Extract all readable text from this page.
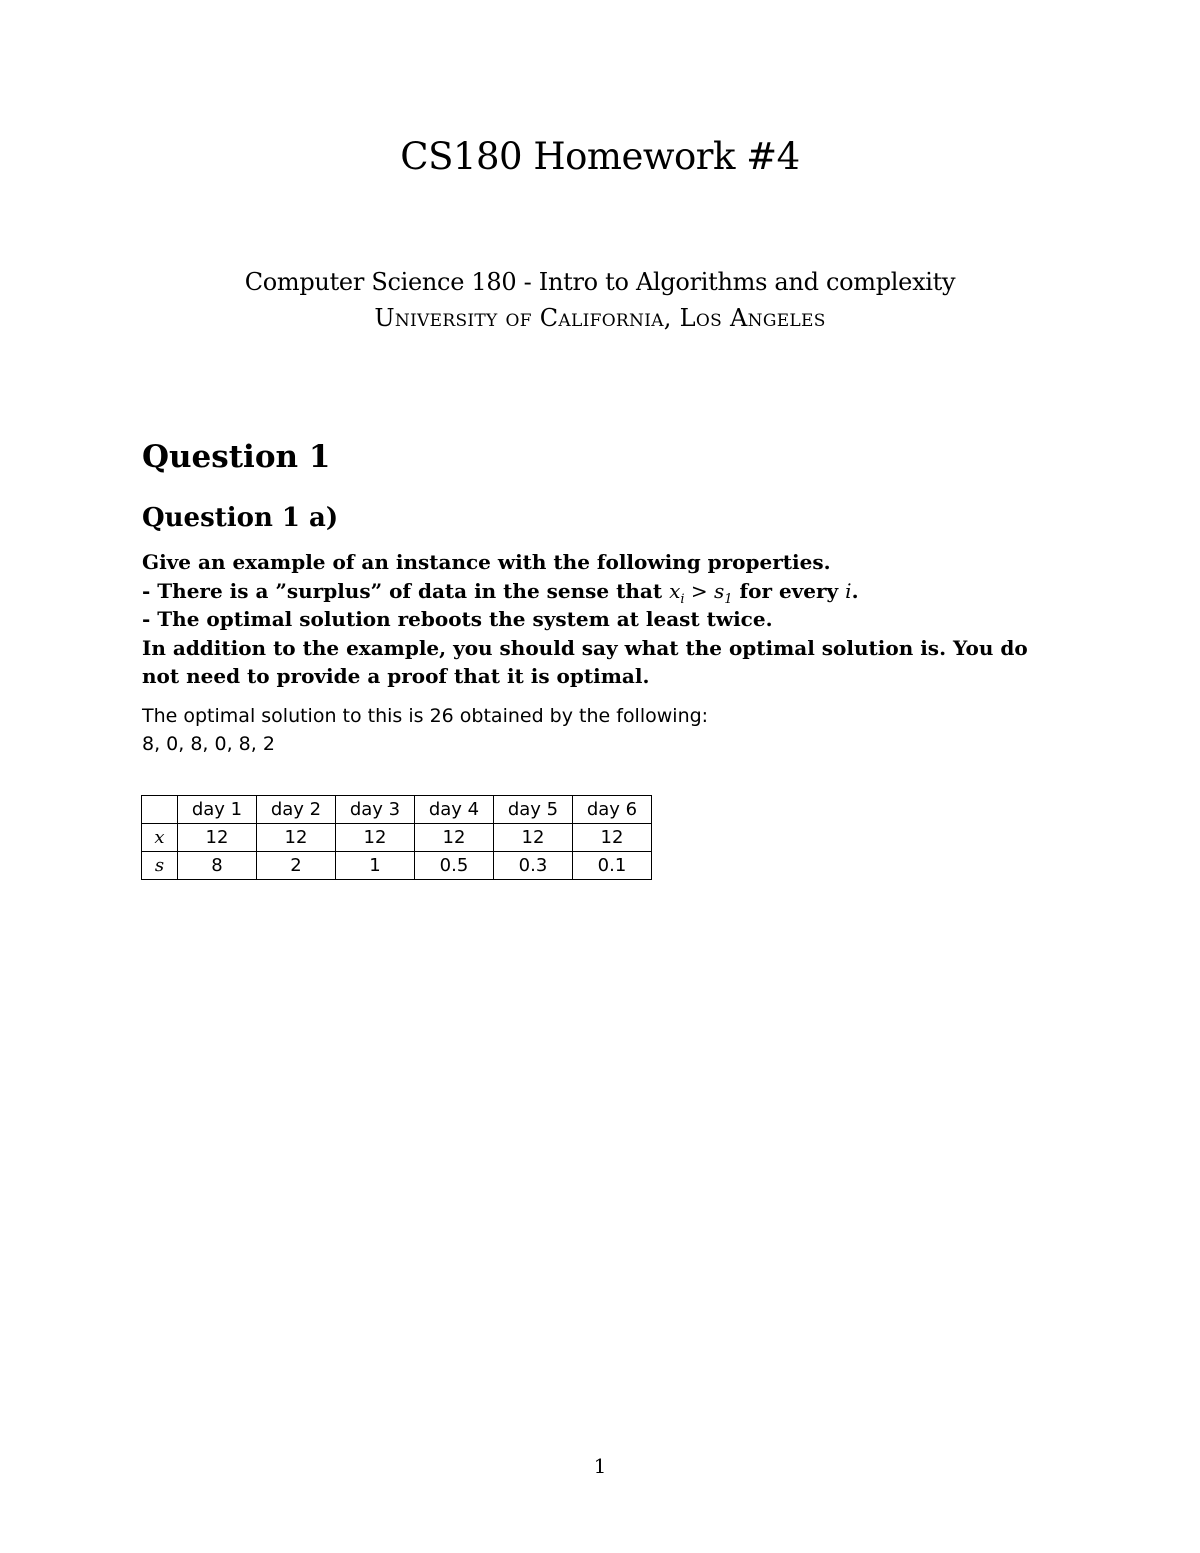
CS180 Homework #4
Computer Science 180 - Intro to Algorithms and complexity
University of California, Los Angeles
Question 1
Question 1 a)
Give an example of an instance with the following properties.
- There is a ”surplus” of data in the sense that $x_i > s_1$ for every i.
- The optimal solution reboots the system at least twice.
In addition to the example, you should say what the optimal solution is. You do
not need to provide a proof that it is optimal.
The optimal solution to this is 26 obtained by the following:
8, 0, 8, 0, 8, 2
	day 1	day 2	day 3	day 4	day 5	day 6
x	12	12	12	12	12	12
s	8	2	1	0.5	0.3	0.1
1
